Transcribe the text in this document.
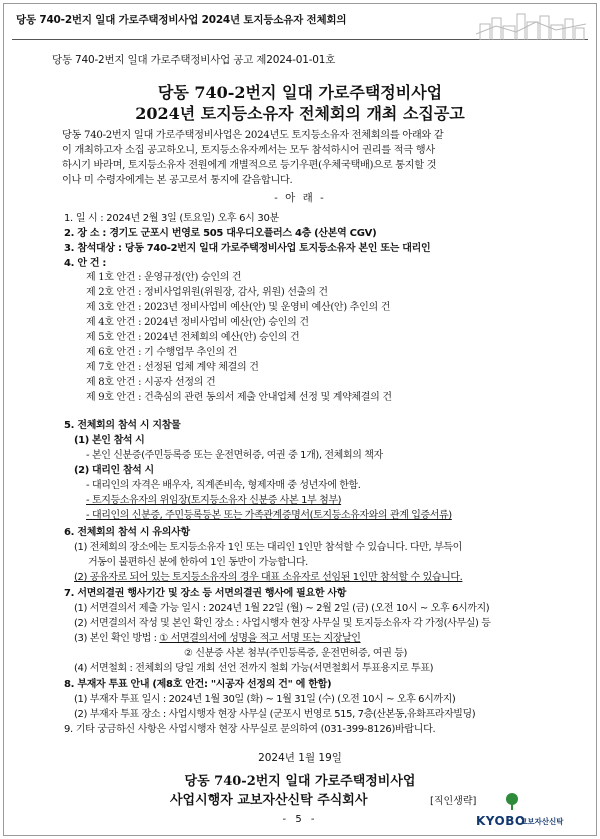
당동 740-2번지 일대 가로주택정비사업 2024년 토지등소유자 전체회의
당동 740-2번지 일대 가로주택정비사업 공고 제2024-01-01호
당동 740-2번지 일대 가로주택정비사업
2024년 토지등소유자 전체회의 개최 소집공고
당동 740-2번지 일대 가로주택정비사업은 2024년도 토지등소유자 전체회의를 아래와 같
이 개최하고자 소집 공고하오니, 토지등소유자께서는 모두 참석하시어 권리를 적극 행사
하시기 바라며, 토지등소유자 전원에게 개별적으로 등기우편(우체국택배)으로 통지할 것
이나 미 수령자에게는 본 공고로서 통지에 갈음합니다.
- 아 래 -
1. 일 시 : 2024년 2월 3일 (토요일) 오후 6시 30분
2. 장 소 : 경기도 군포시 번영로 505 대우디오플러스 4층 (산본역 CGV)
3. 참석대상 : 당동 740-2번지 일대 가로주택정비사업 토지등소유자 본인 또는 대리인
4. 안 건 :
제 1호 안건 : 운영규정(안) 승인의 건
제 2호 안건 : 정비사업위원(위원장, 감사, 위원) 선출의 건
제 3호 안건 : 2023년 정비사업비 예산(안) 및 운영비 예산(안) 추인의 건
제 4호 안건 : 2024년 정비사업비 예산(안) 승인의 건
제 5호 안건 : 2024년 전체회의 예산(안) 승인의 건
제 6호 안건 : 기 수행업무 추인의 건
제 7호 안건 : 선정된 업체 계약 체결의 건
제 8호 안건 : 시공자 선정의 건
제 9호 안건 : 건축심의 관련 동의서 제출 안내업체 선정 및 계약체결의 건
5. 전체회의 참석 시 지참물
(1) 본인 참석 시
- 본인 신분증(주민등록증 또는 운전면허증, 여권 중 1개), 전체회의 책자
(2) 대리인 참석 시
- 대리인의 자격은 배우자, 직계존비속, 형제자매 중 성년자에 한함.
- 토지등소유자의 위임장(토지등소유자 신분증 사본 1부 첨부)
- 대리인의 신분증, 주민등록등본 또는 가족관계증명서(토지등소유자와의 관계 입증서류)
6. 전체회의 참석 시 유의사항
(1) 전체회의 장소에는 토지등소유자 1인 또는 대리인 1인만 참석할 수 있습니다. 다만, 부득이
거동이 불편하신 분에 한하여 1인 동반이 가능합니다.
(2) 공유자로 되어 있는 토지등소유자의 경우 대표 소유자로 선임된 1인만 참석할 수 있습니다.
7. 서면의결권 행사기간 및 장소 등 서면의결권 행사에 필요한 사항
(1) 서면결의서 제출 가능 일시 : 2024년 1월 22일 (월) ~ 2월 2일 (금) (오전 10시 ~ 오후 6시까지)
(2) 서면결의서 작성 및 본인 확인 장소 : 사업시행자 현장 사무실 및 토지등소유자 각 가정(사무실) 등
(3) 본인 확인 방법 : ① 서면결의서에 성명을 적고 서명 또는 지장날인
② 신분증 사본 첨부(주민등록증, 운전면허증, 여권 등)
(4) 서면철회 : 전체회의 당일 개회 선언 전까지 철회 가능(서면철회서 투표용지로 투표)
8. 부재자 투표 안내 (제8호 안건: "시공자 선정의 건" 에 한함)
(1) 부재자 투표 일시 : 2024년 1월 30일 (화) ~ 1월 31일 (수) (오전 10시 ~ 오후 6시까지)
(2) 부재자 투표 장소 : 사업시행자 현장 사무실 (군포시 번영로 515, 7층(산본동,유화프라자빌딩)
9. 기타 궁금하신 사항은 사업시행자 현장 사무실로 문의하여 (031-399-8126)바랍니다.
2024년 1월 19일
당동 740-2번지 일대 가로주택정비사업
사업시행자 교보자산신탁 주식회사	[직인생략]
- 5 -	KYOBO
교보자산신탁
